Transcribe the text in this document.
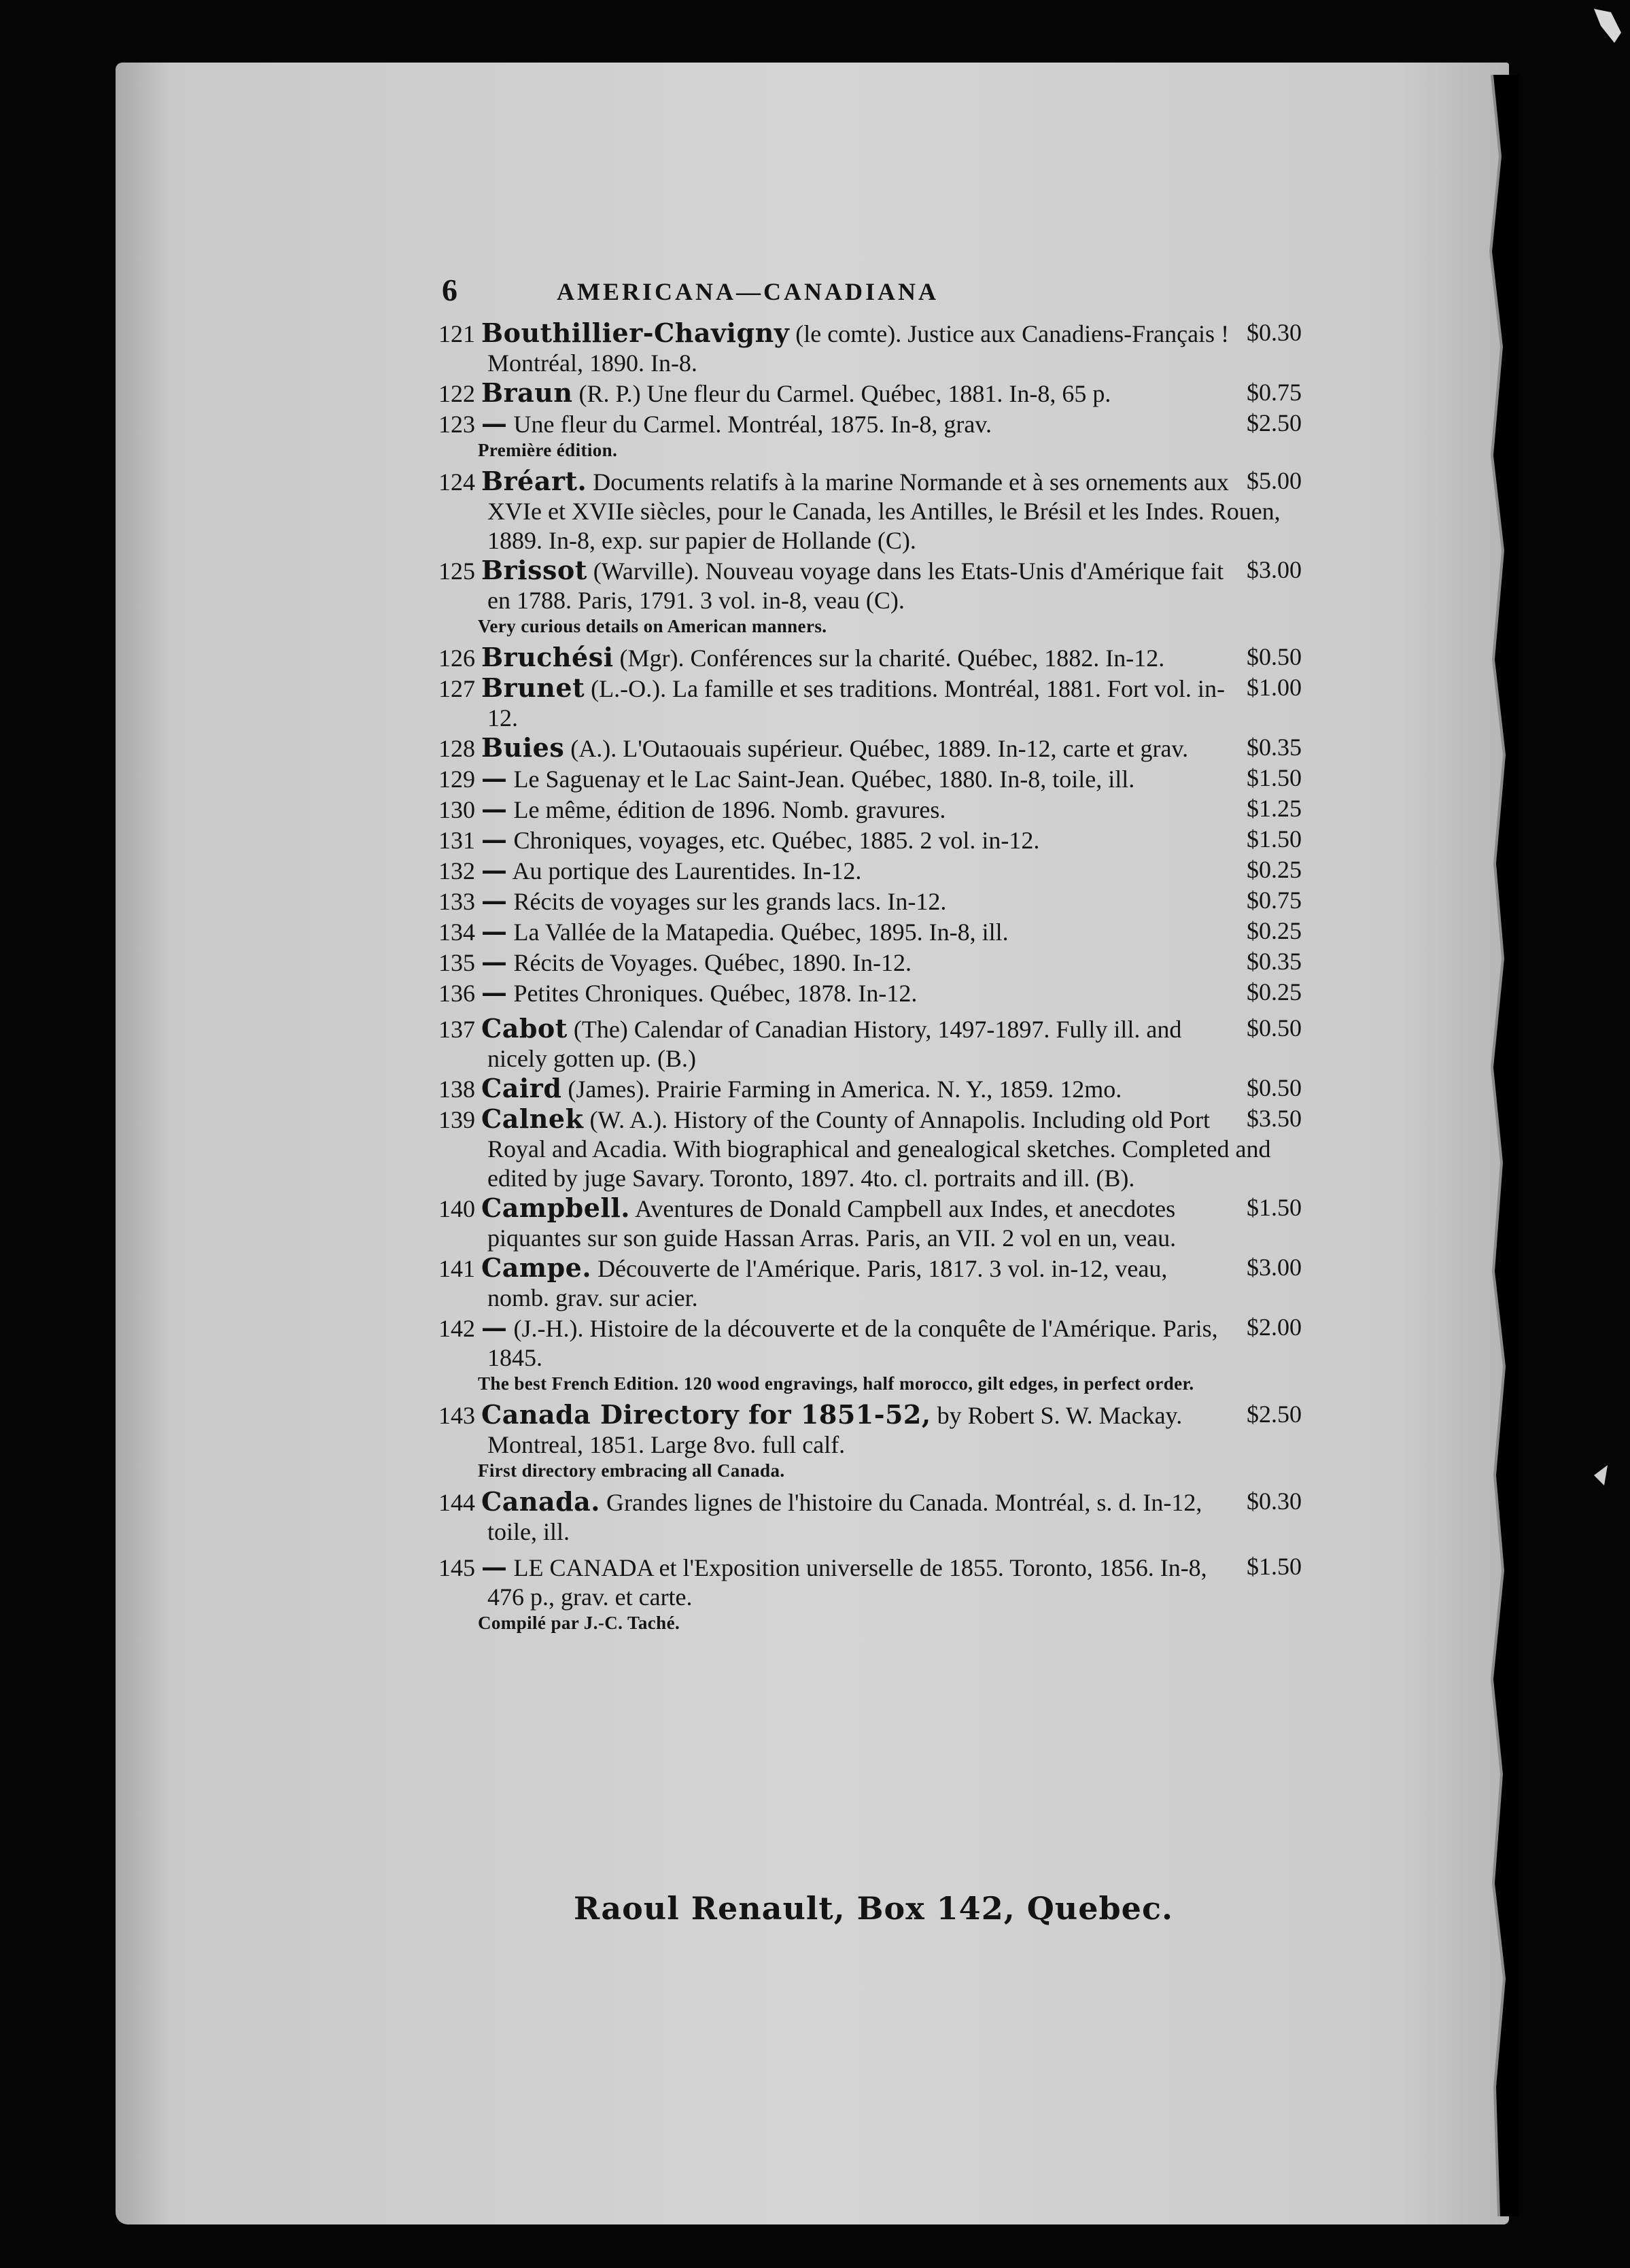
6	AMERICANA—CANADIANA

$0.30
121 Bouthillier-Chavigny (le comte). Justice aux Canadiens-Français ! Montréal, 1890. In-8.

$0.75
122 Braun (R. P.) Une fleur du Carmel. Québec, 1881. In-8, 65 p.

$2.50
123 — Une fleur du Carmel. Montréal, 1875. In-8, grav.

Première édition.

$5.00
124 Bréart. Documents relatifs à la marine Normande et à ses ornements aux XVIe et XVIIe siècles, pour le Canada, les Antilles, le Brésil et les Indes. Rouen, 1889. In-8, exp. sur papier de Hollande (C).

$3.00
125 Brissot (Warville). Nouveau voyage dans les Etats-Unis d'Amérique fait en 1788. Paris, 1791. 3 vol. in-8, veau (C).

Very curious details on American manners.

$0.50
126 Bruchési (Mgr). Conférences sur la charité. Québec, 1882. In-12.

$1.00
127 Brunet (L.-O.). La famille et ses traditions. Montréal, 1881. Fort vol. in-12.

$0.35
128 Buies (A.). L'Outaouais supérieur. Québec, 1889. In-12, carte et grav.

$1.50
129 — Le Saguenay et le Lac Saint-Jean. Québec, 1880. In-8, toile, ill.

$1.25
130 — Le même, édition de 1896. Nomb. gravures.

$1.50
131 — Chroniques, voyages, etc. Québec, 1885. 2 vol. in-12.

$0.25
132 — Au portique des Laurentides. In-12.

$0.75
133 — Récits de voyages sur les grands lacs. In-12.

$0.25
134 — La Vallée de la Matapedia. Québec, 1895. In-8, ill.

$0.35
135 — Récits de Voyages. Québec, 1890. In-12.

$0.25
136 — Petites Chroniques. Québec, 1878. In-12.

$0.50
137 Cabot (The) Calendar of Canadian History, 1497-1897. Fully ill. and nicely gotten up. (B.)

$0.50
138 Caird (James). Prairie Farming in America. N. Y., 1859. 12mo.

$3.50
139 Calnek (W. A.). History of the County of Annapolis. Including old Port Royal and Acadia. With biographical and genealogical sketches. Completed and edited by juge Savary. Toronto, 1897. 4to. cl. portraits and ill. (B).

$1.50
140 Campbell. Aventures de Donald Campbell aux Indes, et anecdotes piquantes sur son guide Hassan Arras. Paris, an VII. 2 vol en un, veau.

$3.00
141 Campe. Découverte de l'Amérique. Paris, 1817. 3 vol. in-12, veau, nomb. grav. sur acier.

$2.00
142 — (J.-H.). Histoire de la découverte et de la conquête de l'Amérique. Paris, 1845.

The best French Edition. 120 wood engravings, half morocco, gilt edges, in perfect order.

$2.50
143 Canada Directory for 1851-52, by Robert S. W. Mackay. Montreal, 1851. Large 8vo. full calf.

First directory embracing all Canada.

$0.30
144 Canada. Grandes lignes de l'histoire du Canada. Montréal, s. d. In-12, toile, ill.

$1.50
145 — LE CANADA et l'Exposition universelle de 1855. Toronto, 1856. In-8, 476 p., grav. et carte.

Compilé par J.-C. Taché.
Raoul Renault, Box 142, Quebec.
